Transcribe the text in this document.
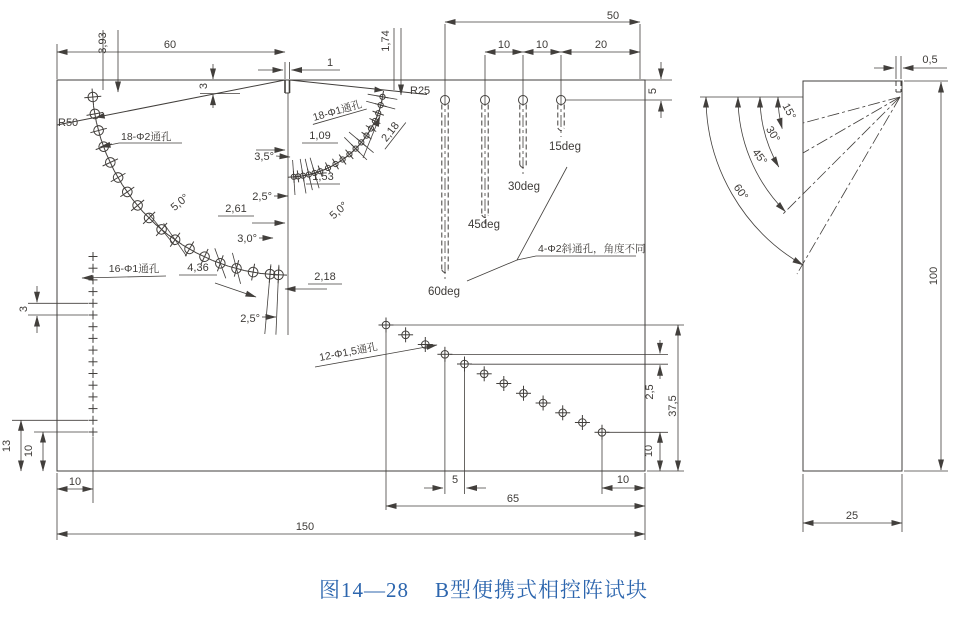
60
1
3,93	1,74
3
R50
R25
18-Φ2通孔
18-Φ1通孔
1,09	2,18
3,5°
1,53
2,5°
5,0°
2,61
5,0°
3,0°
4,36
2,18
2,5°
16-Φ1通孔
3
13 10
10
12-Φ1,5通孔
50
10 10	20
5
15deg
30deg
45deg
60deg
4-Φ2斜通孔，角度不同
2,5
37,5
10
10
5
65
150
0,5
15°
30°
45°
60°
100
25
图14—28 B型便携式相控阵试块
